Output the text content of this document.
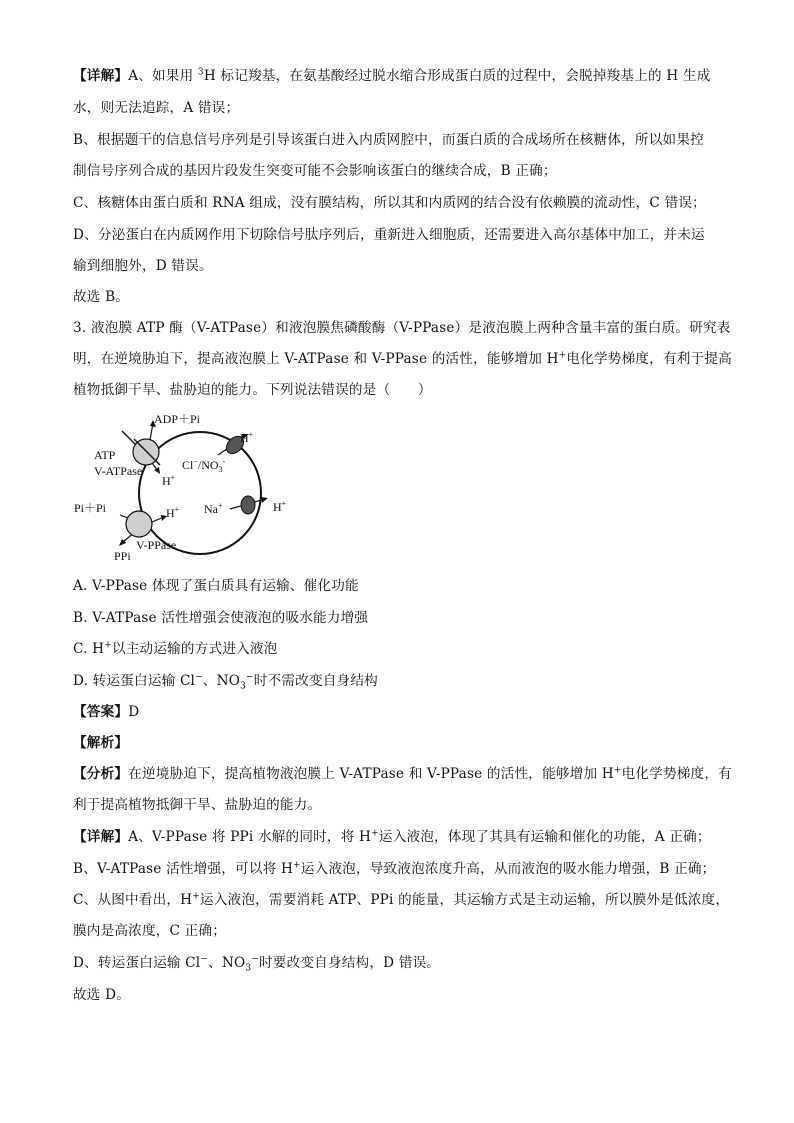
【详解】A、如果用 $^3$H 标记羧基，在氨基酸经过脱水缩合形成蛋白质的过程中，会脱掉羧基上的 H 生成
水，则无法追踪，A 错误；
B、根据题干的信息信号序列是引导该蛋白进入内质网腔中，而蛋白质的合成场所在核糖体，所以如果控
制信号序列合成的基因片段发生突变可能不会影响该蛋白的继续合成，B 正确；
C、核糖体由蛋白质和 RNA 组成，没有膜结构，所以其和内质网的结合没有依赖膜的流动性，C 错误；
D、分泌蛋白在内质网作用下切除信号肽序列后，重新进入细胞质，还需要进入高尔基体中加工，并未运
输到细胞外，D 错误。
故选 B。
3. 液泡膜 ATP 酶（V-ATPase）和液泡膜焦磷酸酶（V-PPase）是液泡膜上两种含量丰富的蛋白质。研究表
明，在逆境胁迫下，提高液泡膜上 V-ATPase 和 V-PPase 的活性，能够增加 H+电化学势梯度，有利于提高
植物抵御干旱、盐胁迫的能力。下列说法错误的是（　　）
ADP＋Pi
ATP
V-ATPase
H+
H+
$Cl^-/NO_3^-$
Na+	H+
Pi＋Pi	H+
V-PPase
PPi
A. V-PPase 体现了蛋白质具有运输、催化功能
B. V-ATPase 活性增强会使液泡的吸水能力增强
C. H+以主动运输的方式进入液泡
D. 转运蛋白运输 Cl−、$NO_3^-$时不需改变自身结构
【答案】D
【解析】
【分析】在逆境胁迫下，提高植物液泡膜上 V-ATPase 和 V-PPase 的活性，能够增加 H+电化学势梯度，有
利于提高植物抵御干旱、盐胁迫的能力。
【详解】A、V-PPase 将 PPi 水解的同时，将 H+运入液泡，体现了其具有运输和催化的功能，A 正确；
B、V-ATPase 活性增强，可以将 H+运入液泡，导致液泡浓度升高，从而液泡的吸水能力增强，B 正确；
C、从图中看出，H+运入液泡，需要消耗 ATP、PPi 的能量，其运输方式是主动运输，所以膜外是低浓度，
膜内是高浓度，C 正确；
D、转运蛋白运输 Cl−、$NO_3^-$时要改变自身结构，D 错误。
故选 D。
